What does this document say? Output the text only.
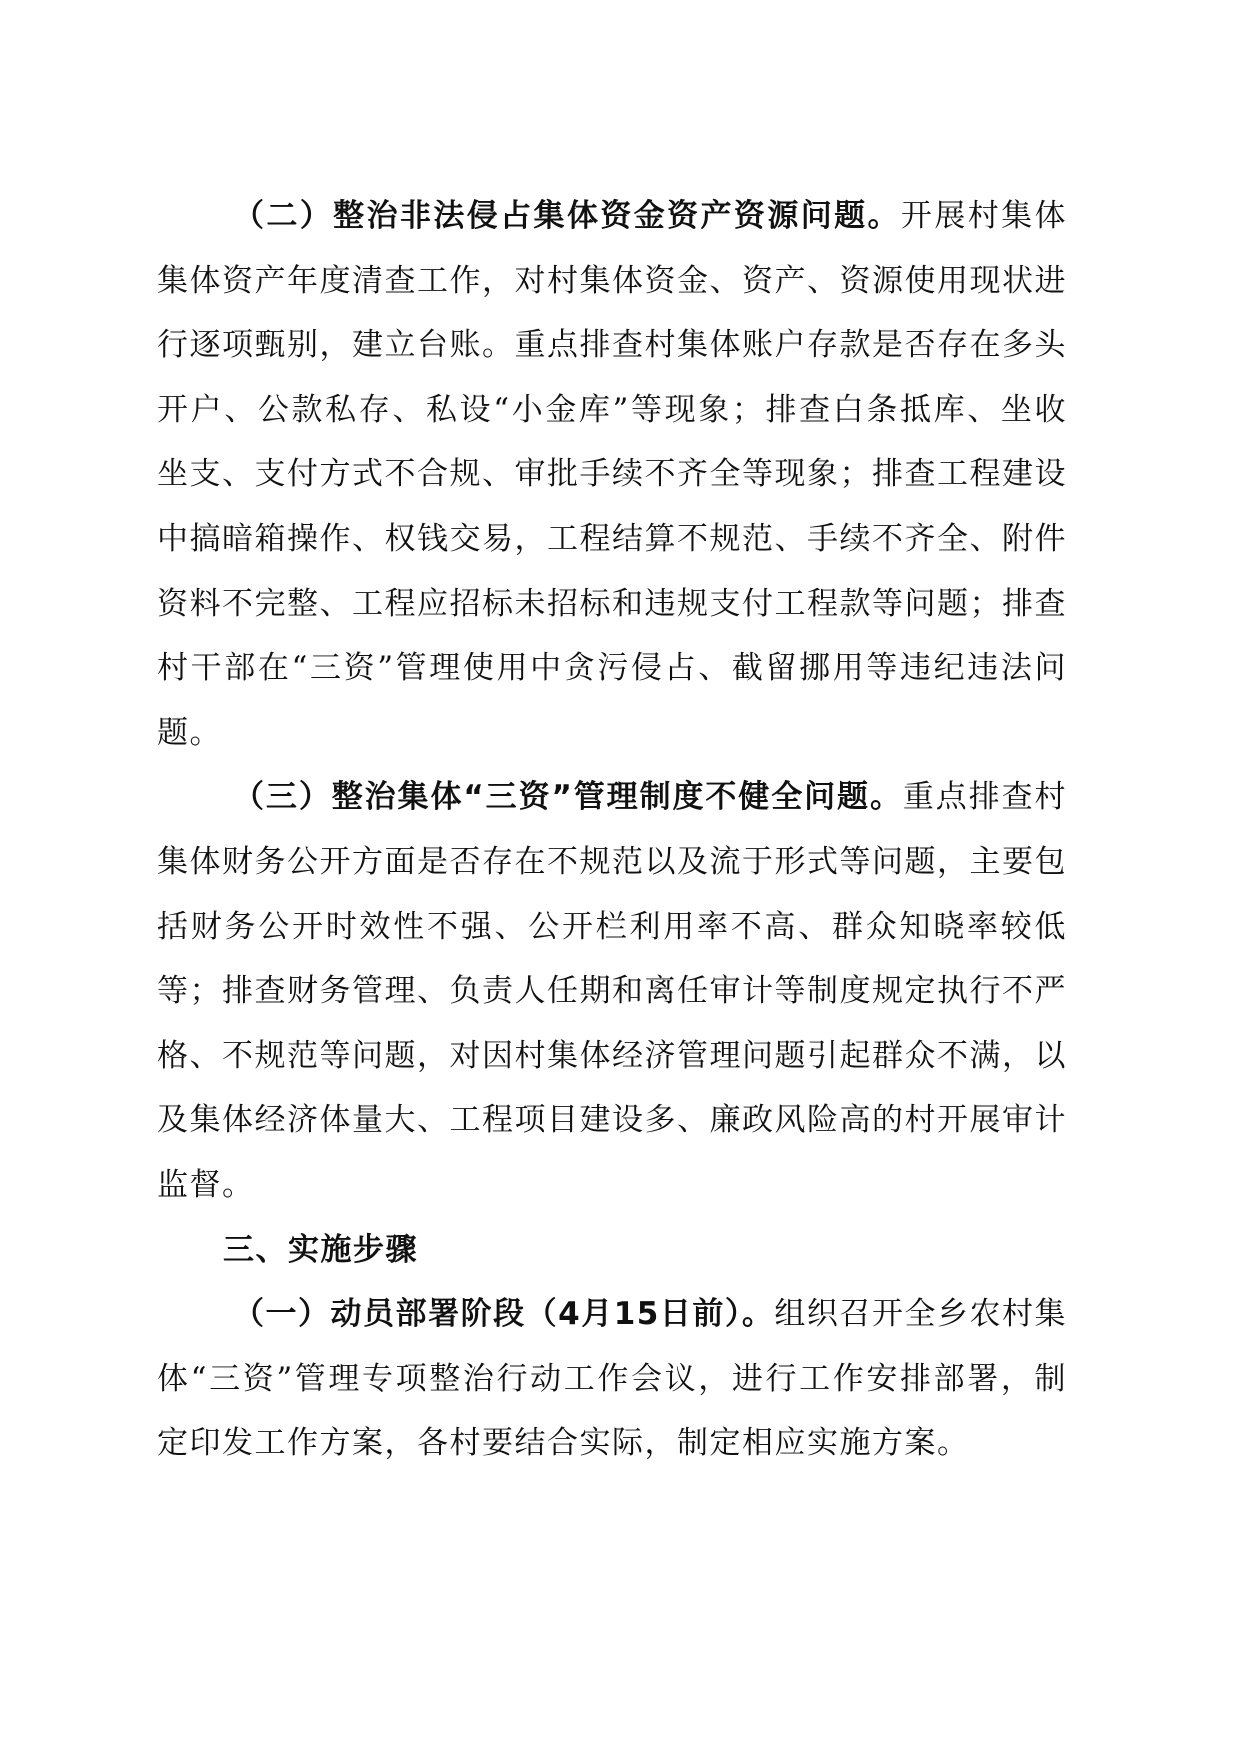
（二）整治非法侵占集体资金资产资源问题。开展村集体集体资产年度清查工作，对村集体资金、资产、资源使用现状进行逐项甄别，建立台账。重点排查村集体账户存款是否存在多头开户、公款私存、私设“小金库”等现象；排查白条抵库、坐收坐支、支付方式不合规、审批手续不齐全等现象；排查工程建设中搞暗箱操作、权钱交易，工程结算不规范、手续不齐全、附件资料不完整、工程应招标未招标和违规支付工程款等问题；排查村干部在“三资”管理使用中贪污侵占、截留挪用等违纪违法问题。

（三）整治集体“三资”管理制度不健全问题。重点排查村集体财务公开方面是否存在不规范以及流于形式等问题，主要包括财务公开时效性不强、公开栏利用率不高、群众知晓率较低等；排查财务管理、负责人任期和离任审计等制度规定执行不严格、不规范等问题，对因村集体经济管理问题引起群众不满，以及集体经济体量大、工程项目建设多、廉政风险高的村开展审计监督。

三、实施步骤

（一）动员部署阶段（4月15日前）。组织召开全乡农村集体“三资”管理专项整治行动工作会议，进行工作安排部署，制定印发工作方案，各村要结合实际，制定相应实施方案。
